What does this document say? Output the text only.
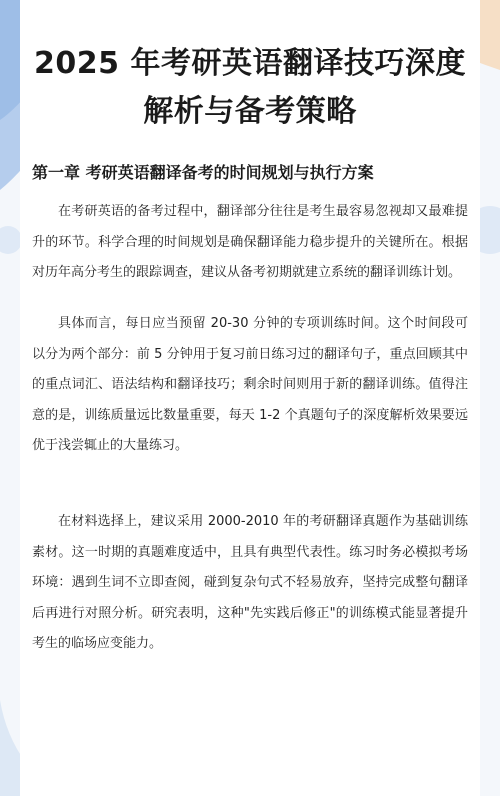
2025 年考研英语翻译技巧深度解析与备考策略
第一章 考研英语翻译备考的时间规划与执行方案

在考研英语的备考过程中，翻译部分往往是考生最容易忽视却又最难提升的环节。科学合理的时间规划是确保翻译能力稳步提升的关键所在。根据对历年高分考生的跟踪调查，建议从备考初期就建立系统的翻译训练计划。

具体而言，每日应当预留 20-30 分钟的专项训练时间。这个时间段可以分为两个部分：前 5 分钟用于复习前日练习过的翻译句子，重点回顾其中的重点词汇、语法结构和翻译技巧；剩余时间则用于新的翻译训练。值得注意的是，训练质量远比数量重要，每天 1-2 个真题句子的深度解析效果要远优于浅尝辄止的大量练习。

在材料选择上，建议采用 2000-2010 年的考研翻译真题作为基础训练素材。这一时期的真题难度适中，且具有典型代表性。练习时务必模拟考场环境：遇到生词不立即查阅，碰到复杂句式不轻易放弃，坚持完成整句翻译后再进行对照分析。研究表明，这种"先实践后修正"的训练模式能显著提升考生的临场应变能力。
